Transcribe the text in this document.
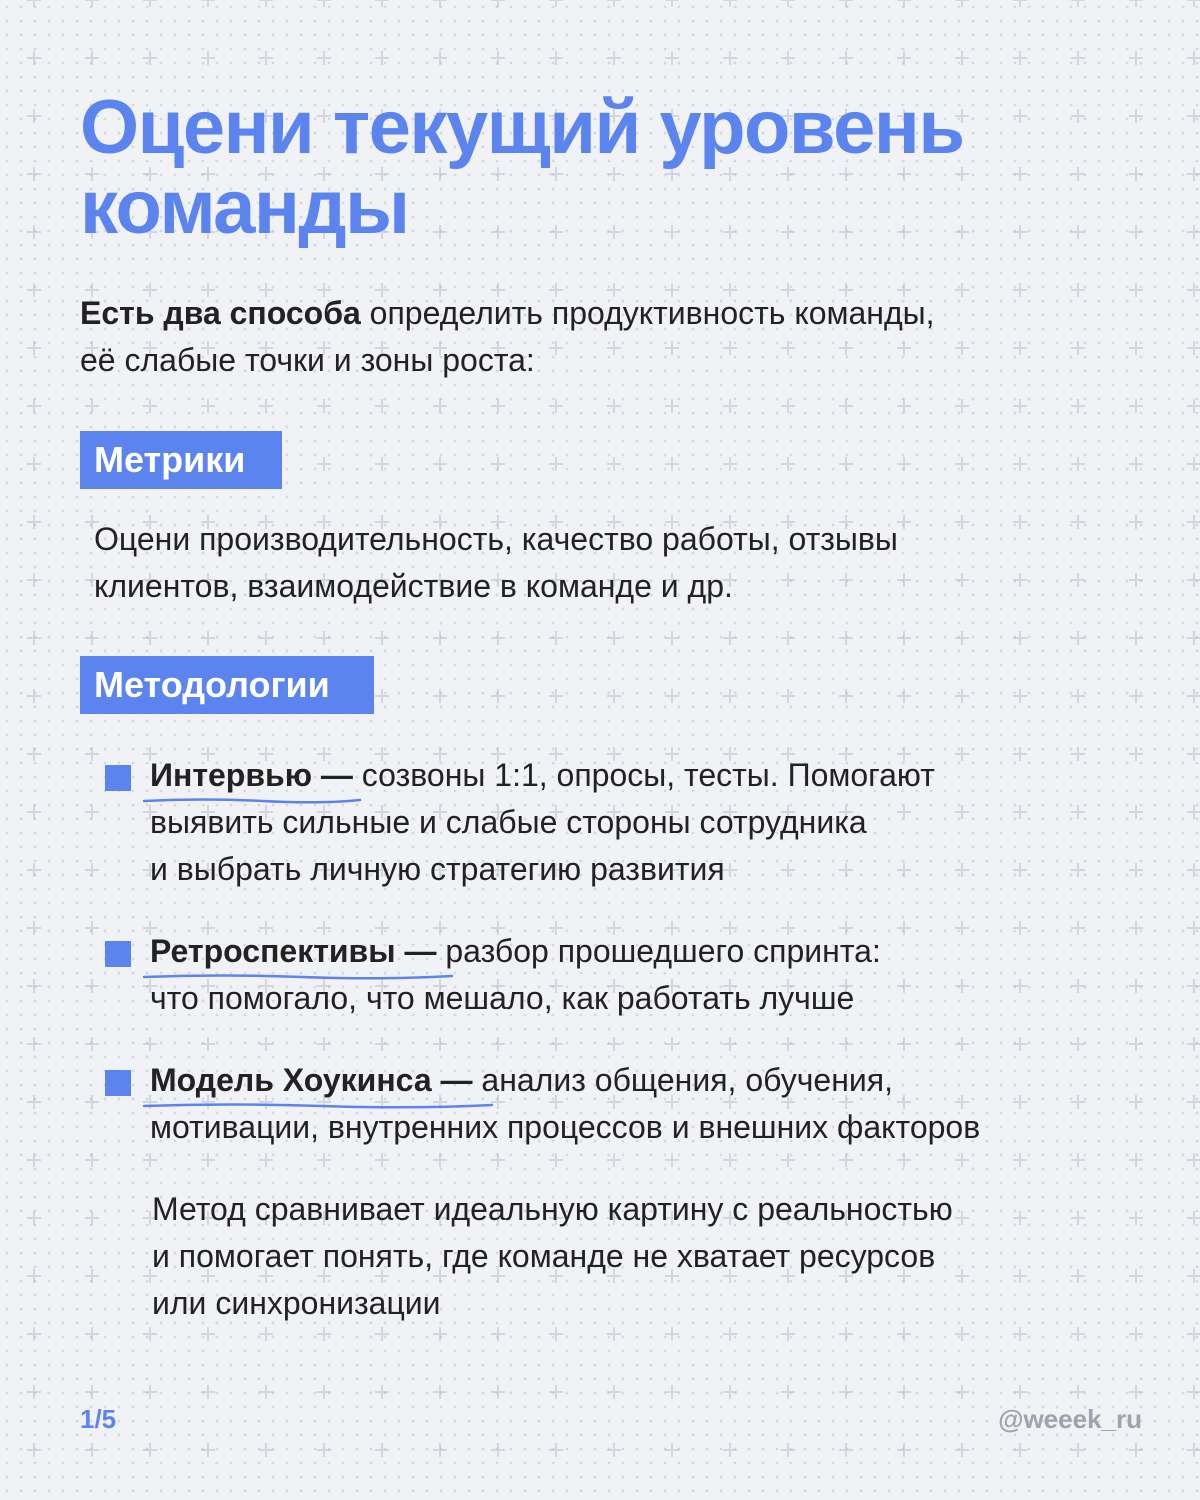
Оцени текущий уровень
команды

Есть два способа определить продуктивность команды,
её слабые точки и зоны роста:

Метрики

Оцени производительность, качество работы, отзывы
клиентов, взаимодействие в команде и др.

Методологии

Интервью —
созвоны 1:1, опросы, тесты. Помогают
выявить сильные и слабые стороны сотрудника
и выбрать личную стратегию развития

Ретроспективы —
разбор прошедшего спринта:
что помогало, что мешало, как работать лучше

Модель Хоукинса —
анализ общения, обучения,
мотивации, внутренних процессов и внешних факторов

Метод сравнивает идеальную картину с реальностью
и помогает понять, где команде не хватает ресурсов
или синхронизации

1/5	@weeek_ru
